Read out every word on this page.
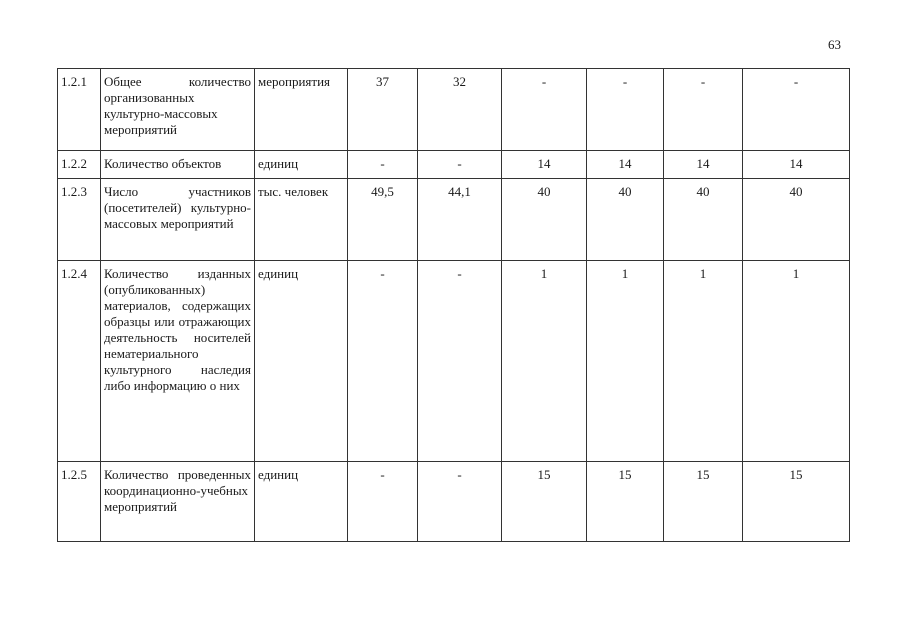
63
1.2.1	Общее количество организованных культурно-массовых мероприятий	мероприятия	37	32	-	-	-	-
1.2.2	Количество объектов	единиц	-	-	14	14	14	14
1.2.3	Число участников (посетителей) культурно-массовых мероприятий	тыс. человек	49,5	44,1	40	40	40	40
1.2.4	Количество изданных (опубликованных) материалов, содержащих образцы или отражающих деятельность носителей нематериального культурного наследия либо информацию о них	единиц	-	-	1	1	1	1
1.2.5	Количество проведенных координационно-учебных мероприятий	единиц	-	-	15	15	15	15
